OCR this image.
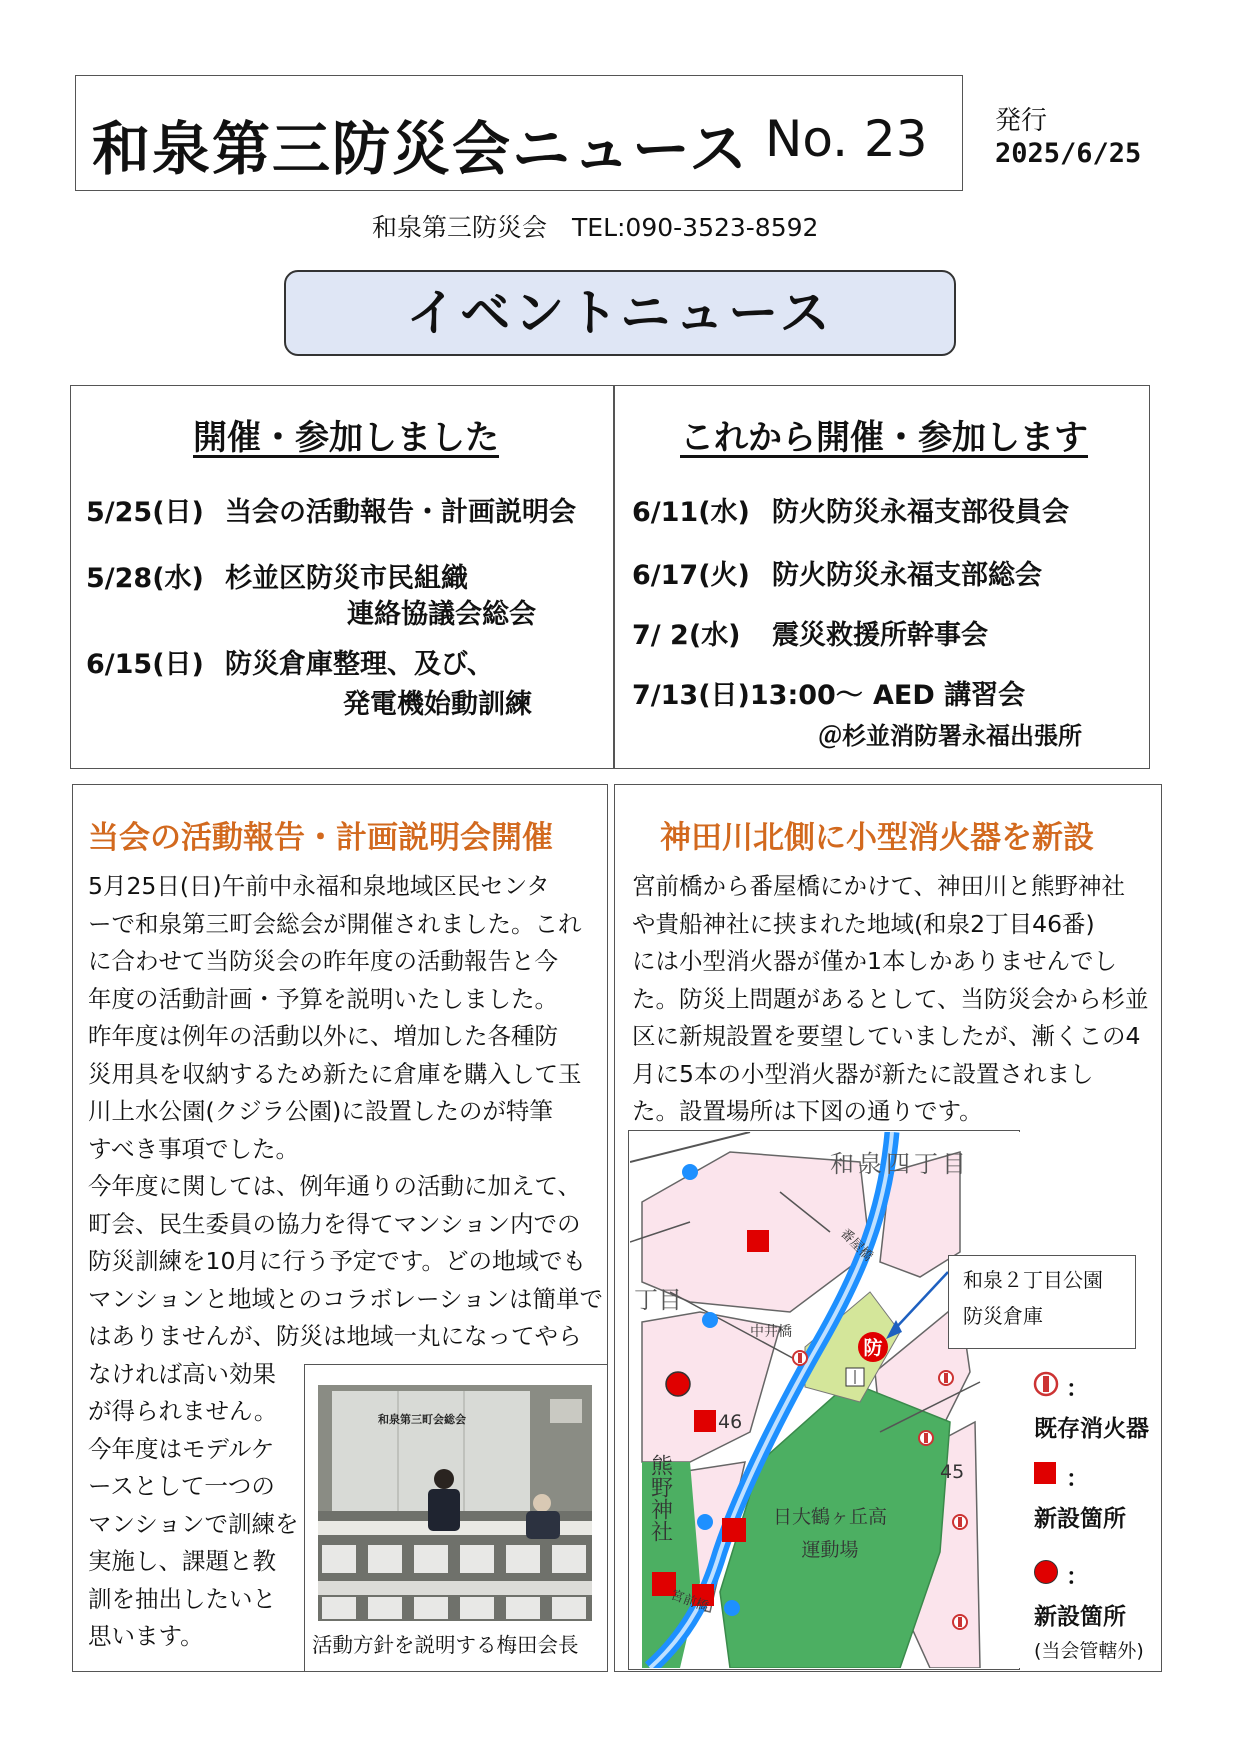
和泉第三防災会ニュース No. 23	発行
2025/6/25
和泉第三防災会　TEL:090-3523-8592
イベントニュース
開催・参加しました
5/25(日) 当会の活動報告・計画説明会
5/28(水) 杉並区防災市民組織
連絡協議会総会
6/15(日) 防災倉庫整理、及び、
発電機始動訓練
これから開催・参加します
6/11(水) 防火防災永福支部役員会
6/17(火) 防火防災永福支部総会
7/ 2(水) 震災救援所幹事会
7/13(日)13:00～ AED 講習会
＠杉並消防署永福出張所
当会の活動報告・計画説明会開催
5月25日(日)午前中永福和泉地域区民センタ
ーで和泉第三町会総会が開催されました。これ
に合わせて当防災会の昨年度の活動報告と今
年度の活動計画・予算を説明いたしました。
昨年度は例年の活動以外に、増加した各種防
災用具を収納するため新たに倉庫を購入して玉
川上水公園(クジラ公園)に設置したのが特筆
すべき事項でした。
今年度に関しては、例年通りの活動に加えて、
町会、民生委員の協力を得てマンション内での
防災訓練を10月に行う予定です。どの地域でも
マンションと地域とのコラボレーションは簡単で
はありませんが、防災は地域一丸になってやら
なければ高い効果
が得られません。
今年度はモデルケ
ースとして一つの
マンションで訓練を
実施し、課題と教
訓を抽出したいと
思います。
和泉第三町会総会
活動方針を説明する梅田会長
神田川北側に小型消火器を新設
宮前橋から番屋橋にかけて、神田川と熊野神社
や貴船神社に挟まれた地域(和泉2丁目46番)
には小型消火器が僅か1本しかありませんでし
た。防災上問題があるとして、当防災会から杉並
区に新規設置を要望していましたが、漸くこの4
月に5本の小型消火器が新たに設置されまし
た。設置場所は下図の通りです。
防
和泉四丁目
丁目
番屋橋
中井橋
宮前橋
46
45
熊野神社	日大鶴ヶ丘高
運動場
和泉２丁目公園
防災倉庫
：
既存消火器
：
新設箇所
：
新設箇所
(当会管轄外)
